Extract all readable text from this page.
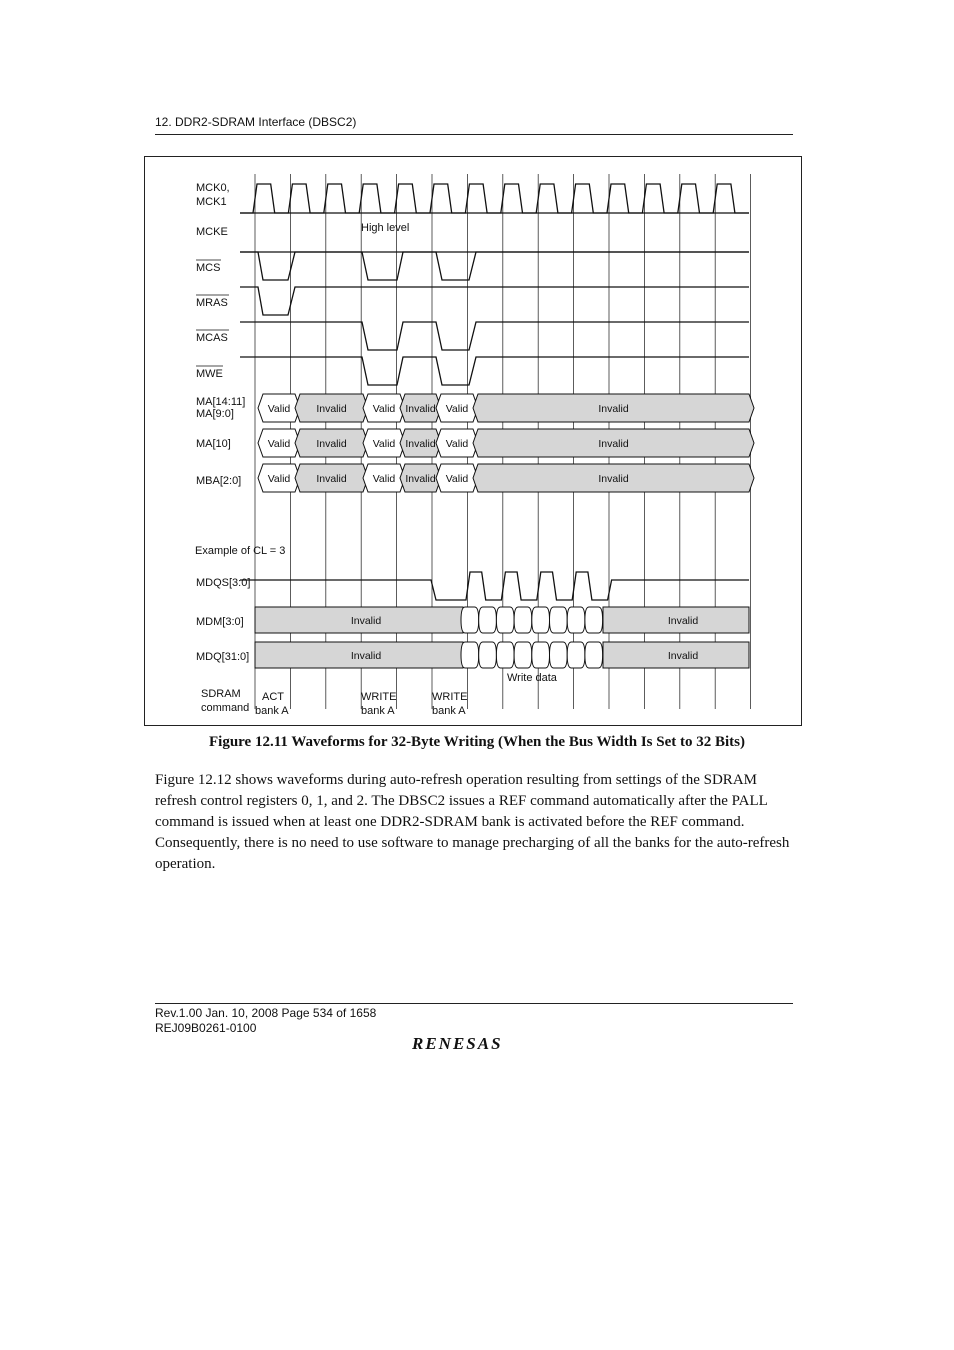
12. DDR2-SDRAM Interface (DBSC2)
MCK0,
MCK1
MCKE
MCS
MRAS
MCAS
MWE
MA[14:11]
MA[9:0]
MA[10]
MBA[2:0]
Example of CL = 3
MDQS[3:0]
MDM[3:0]
MDQ[31:0]
SDRAM
command
High level
Valid Invalid Valid Invalid Valid	Invalid
Valid Invalid Valid Invalid Valid	Invalid
Valid Invalid Valid Invalid Valid	Invalid
Invalid	Invalid
Invalid	Invalid
Write data
ACT
bank A
WRITE
bank A
WRITE
bank A
Figure 12.11 Waveforms for 32-Byte Writing (When the Bus Width Is Set to 32 Bits)
Figure 12.12 shows waveforms during auto-refresh operation resulting from settings of the SDRAM refresh control registers 0, 1, and 2. The DBSC2 issues a REF command automatically after the PALL command is issued when at least one DDR2-SDRAM bank is activated before the REF command. Consequently, there is no need to use software to manage precharging of all the banks for the auto-refresh operation.
Rev.1.00 Jan. 10, 2008 Page 534 of 1658
REJ09B0261-0100
RENESAS
